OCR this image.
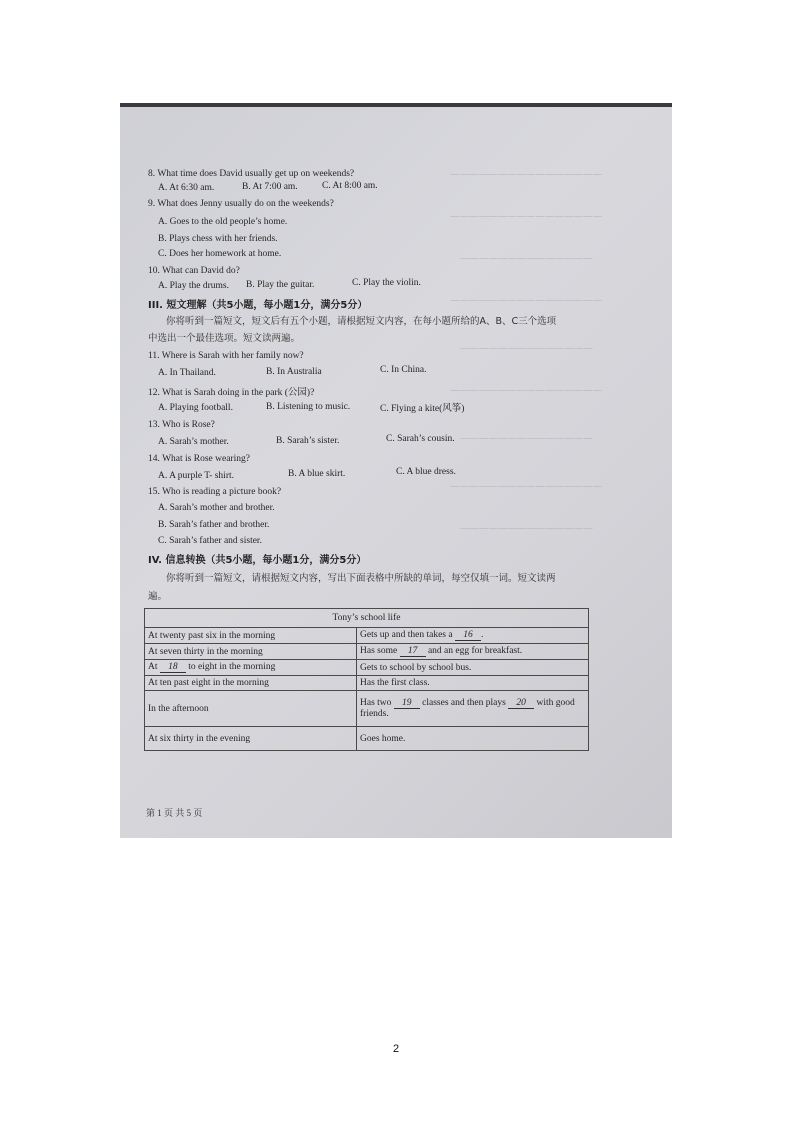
————————————————
————————————————
——————————————
————————————————
——————————————
————————————————
——————————————
————————————————
——————————————
8. What time does David usually get up on weekends?
A. At 6:30 am.	B. At 7:00 am.	C. At 8:00 am.
9. What does Jenny usually do on the weekends?
A. Goes to the old people’s home.
B. Plays chess with her friends.
C. Does her homework at home.
10. What can David do?
A. Play the drums. B. Play the guitar.	C. Play the violin.
III. 短文理解（共5小题，每小题1分，满分5分）
你将听到一篇短文，短文后有五个小题，请根据短文内容，在每小题所给的A、B、C三个选项
中选出一个最佳选项。短文读两遍。
11. Where is Sarah with her family now?
A. In Thailand.	B. In Australia	C. In China.
12. What is Sarah doing in the park (公园)?
A. Playing football.	B. Listening to music.	C. Flying a kite(风筝)
13. Who is Rose?
A. Sarah’s mother.	B. Sarah’s sister.	C. Sarah’s cousin.
14. What is Rose wearing?
A. A purple T- shirt.	B. A blue skirt.	C. A blue dress.
15. Who is reading a picture book?
A. Sarah’s mother and brother.
B. Sarah’s father and brother.
C. Sarah’s father and sister.
IV. 信息转换（共5小题，每小题1分，满分5分）
你将听到一篇短文，请根据短文内容，写出下面表格中所缺的单词，每空仅填一词。短文读两
遍。
Tony’s school life	
At twenty past six in the morning	Gets up and then takes a 16 .
At seven thirty in the morning	Has some 17 and an egg for breakfast.
At 18 to eight in the morning	Gets to school by school bus.
At ten past eight in the morning	Has the first class.
In the afternoon	Has two 19 classes and then plays 20 with good friends.
At six thirty in the evening	Goes home.
第 1 页 共 5 页
2
